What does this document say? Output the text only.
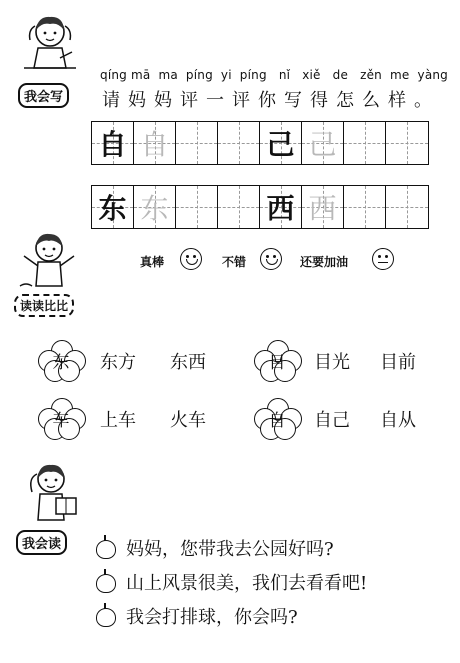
我会写
qíng mā  ma  píng  yi  píng   nǐ   xiě   de   zěn  me  yàng
请妈妈评一评你写得怎么样。
自 自	己 己
东 东	西 西
真棒	不错	还要加油
读读比比
东	东方 东西	目	目光 目前
车	上车 火车	自	自己 自从
我会读	妈妈，您带我去公园好吗?
山上风景很美，我们去看看吧!
我会打排球，你会吗?
